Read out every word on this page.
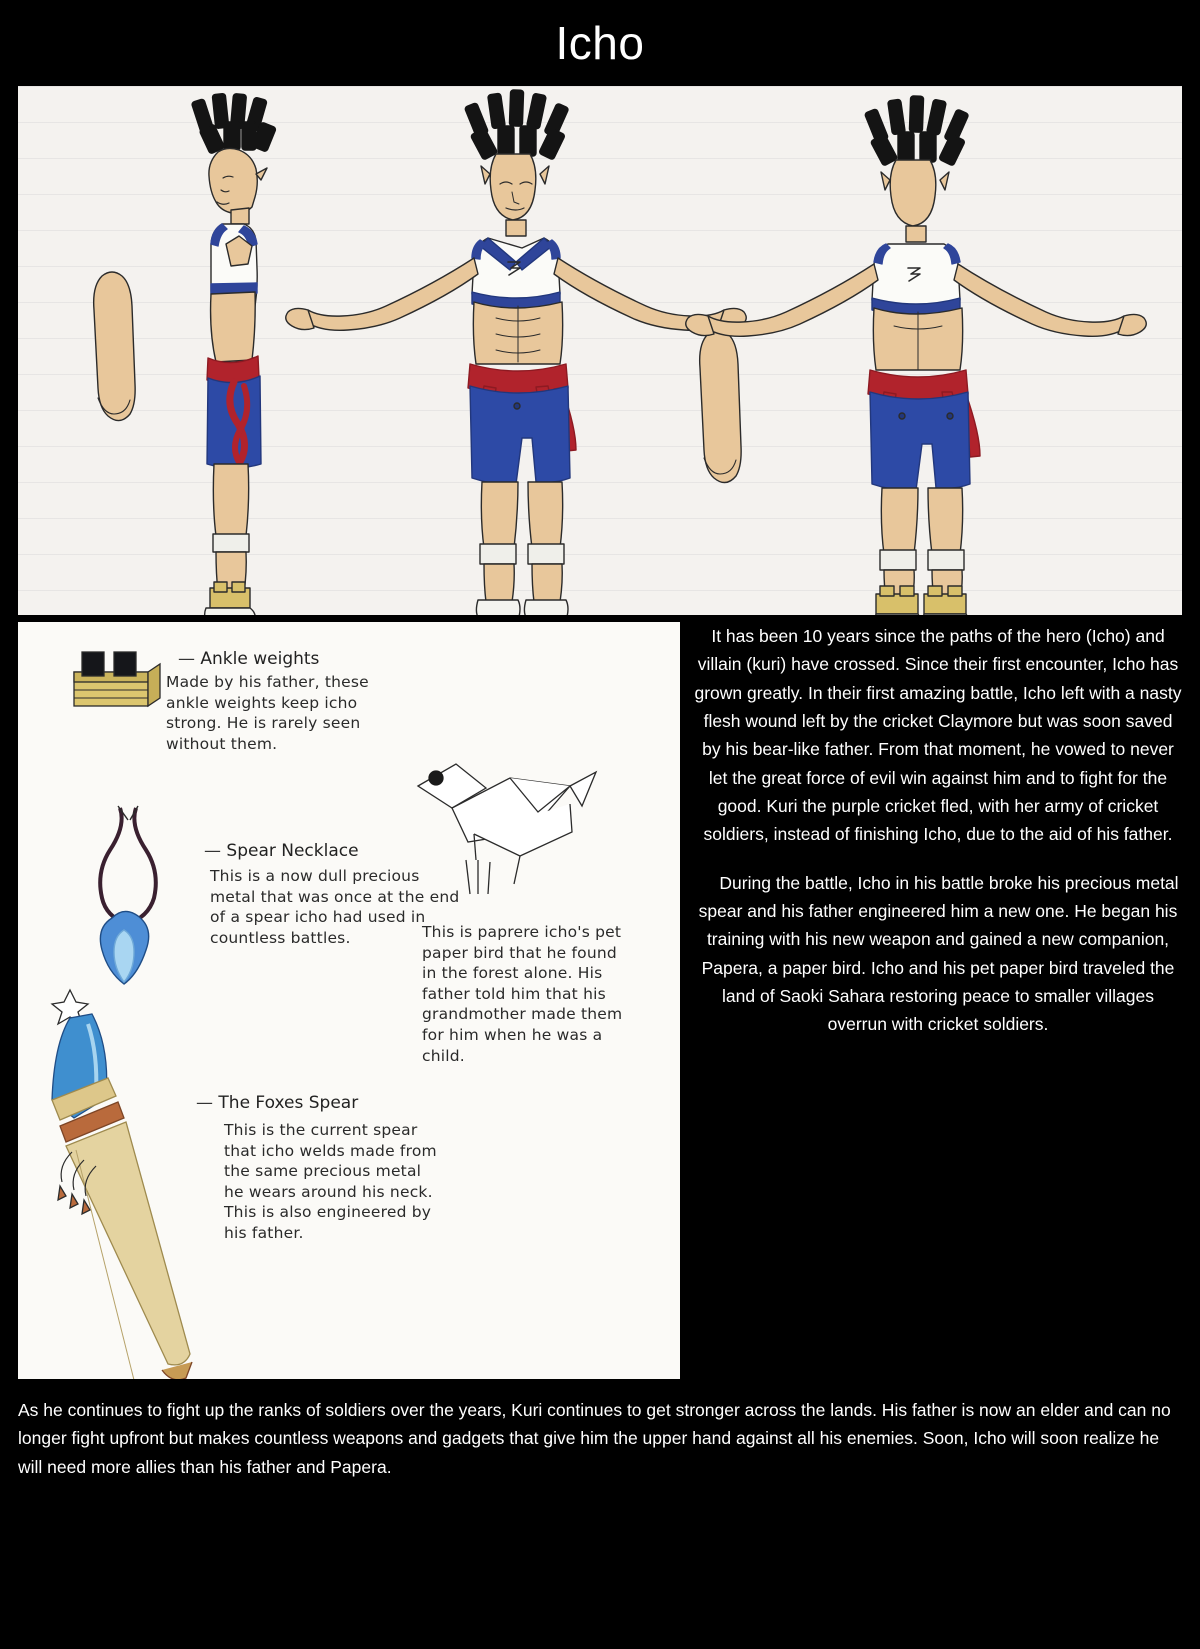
Icho
— Ankle weights
Made by his father, these ankle weights keep icho strong. He is rarely seen without them.
— Spear Necklace
This is a now dull precious metal that was once at the end of a spear icho had used in countless battles.	This is paprere icho's pet paper bird that he found in the forest alone. His father told him that his grandmother made them for him when he was a child.
— The Foxes Spear
This is the current spear that icho welds made from the same precious metal he wears around his neck. This is also engineered by his father.

It has been 10 years since the paths of the hero (Icho) and villain (kuri) have crossed. Since their first encounter, Icho has grown greatly. In their first amazing battle, Icho left with a nasty flesh wound left by the cricket Claymore but was soon saved by his bear-like father. From that moment, he vowed to never let the great force of evil win against him and to fight for the good. Kuri the purple cricket fled, with her army of cricket soldiers, instead of finishing Icho, due to the aid of his father.

During the battle, Icho in his battle broke his precious metal spear and his father engineered him a new one. He began his training with his new weapon and gained a new companion, Papera, a paper bird. Icho and his pet paper bird traveled the land of Saoki Sahara restoring peace to smaller villages overrun with cricket soldiers.

As he continues to fight up the ranks of soldiers over the years, Kuri continues to get stronger across the lands. His father is now an elder and can no longer fight upfront but makes countless weapons and gadgets that give him the upper hand against all his enemies. Soon, Icho will soon realize he will need more allies than his father and Papera.
